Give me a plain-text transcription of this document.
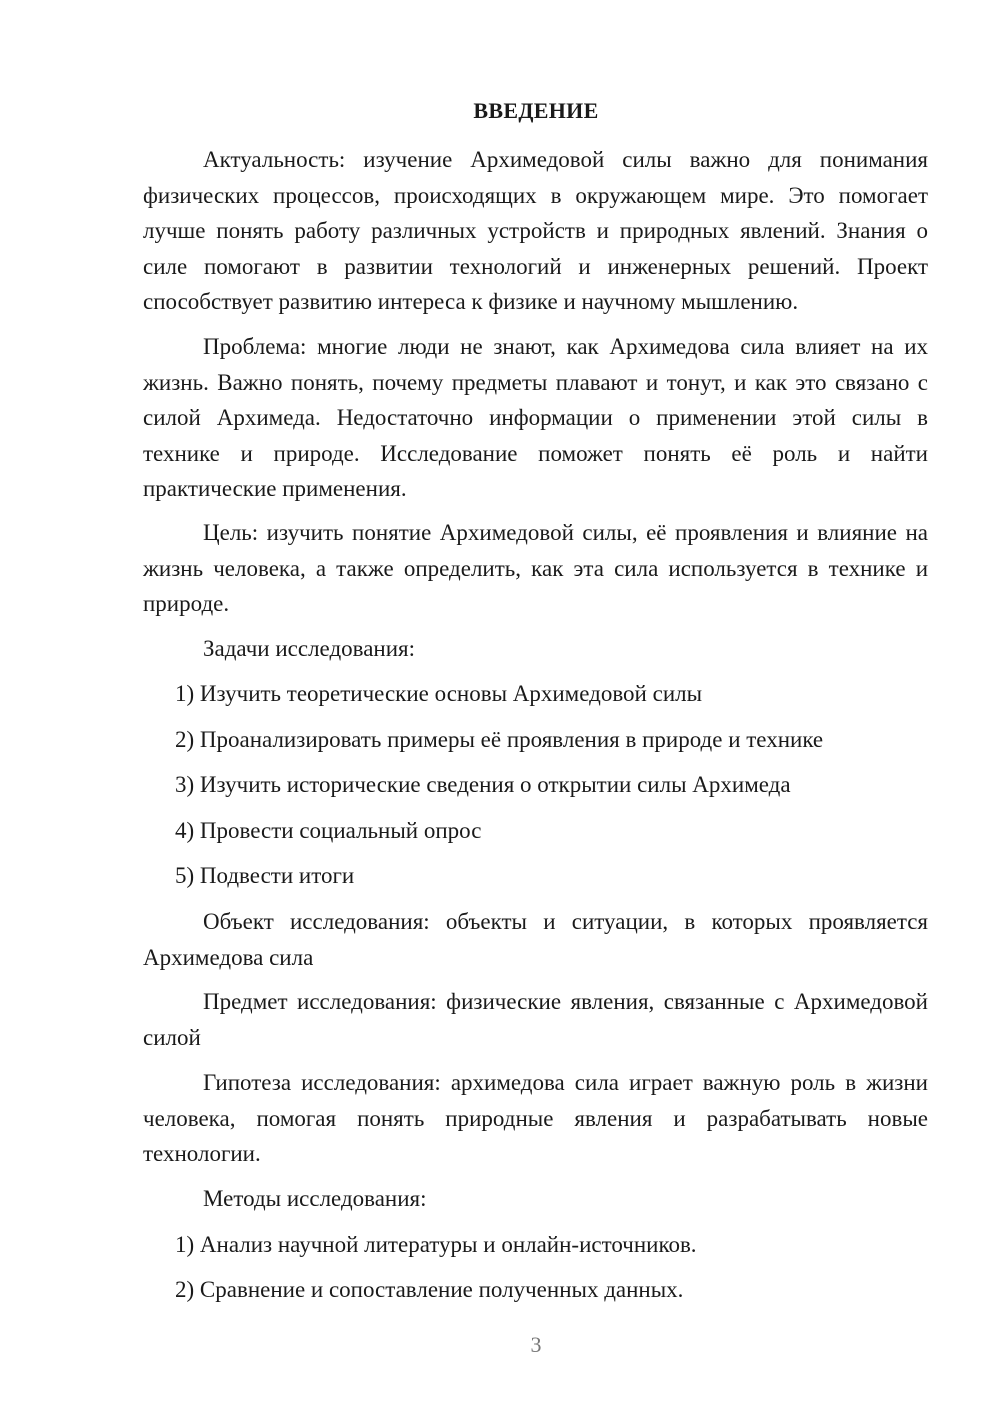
ВВЕДЕНИЕ

Актуальность: изучение Архимедовой силы важно для понимания физических процессов, происходящих в окружающем мире. Это помогает лучше понять работу различных устройств и природных явлений. Знания о силе помогают в развитии технологий и инженерных решений. Проект способствует развитию интереса к физике и научному мышлению.

Проблема: многие люди не знают, как Архимедова сила влияет на их жизнь. Важно понять, почему предметы плавают и тонут, и как это связано с силой Архимеда. Недостаточно информации о применении этой силы в технике и природе. Исследование поможет понять её роль и найти практические применения.

Цель: изучить понятие Архимедовой силы, её проявления и влияние на жизнь человека, а также определить, как эта сила используется в технике и природе.

Задачи исследования:

1) Изучить теоретические основы Архимедовой силы

2) Проанализировать примеры её проявления в природе и технике

3) Изучить исторические сведения о открытии силы Архимеда

4) Провести социальный опрос

5) Подвести итоги

Объект исследования: объекты и ситуации, в которых проявляется Архимедова сила

Предмет исследования: физические явления, связанные с Архимедовой силой

Гипотеза исследования: архимедова сила играет важную роль в жизни человека, помогая понять природные явления и разрабатывать новые технологии.

Методы исследования:

1) Анализ научной литературы и онлайн-источников.

2) Сравнение и сопоставление полученных данных.

3
